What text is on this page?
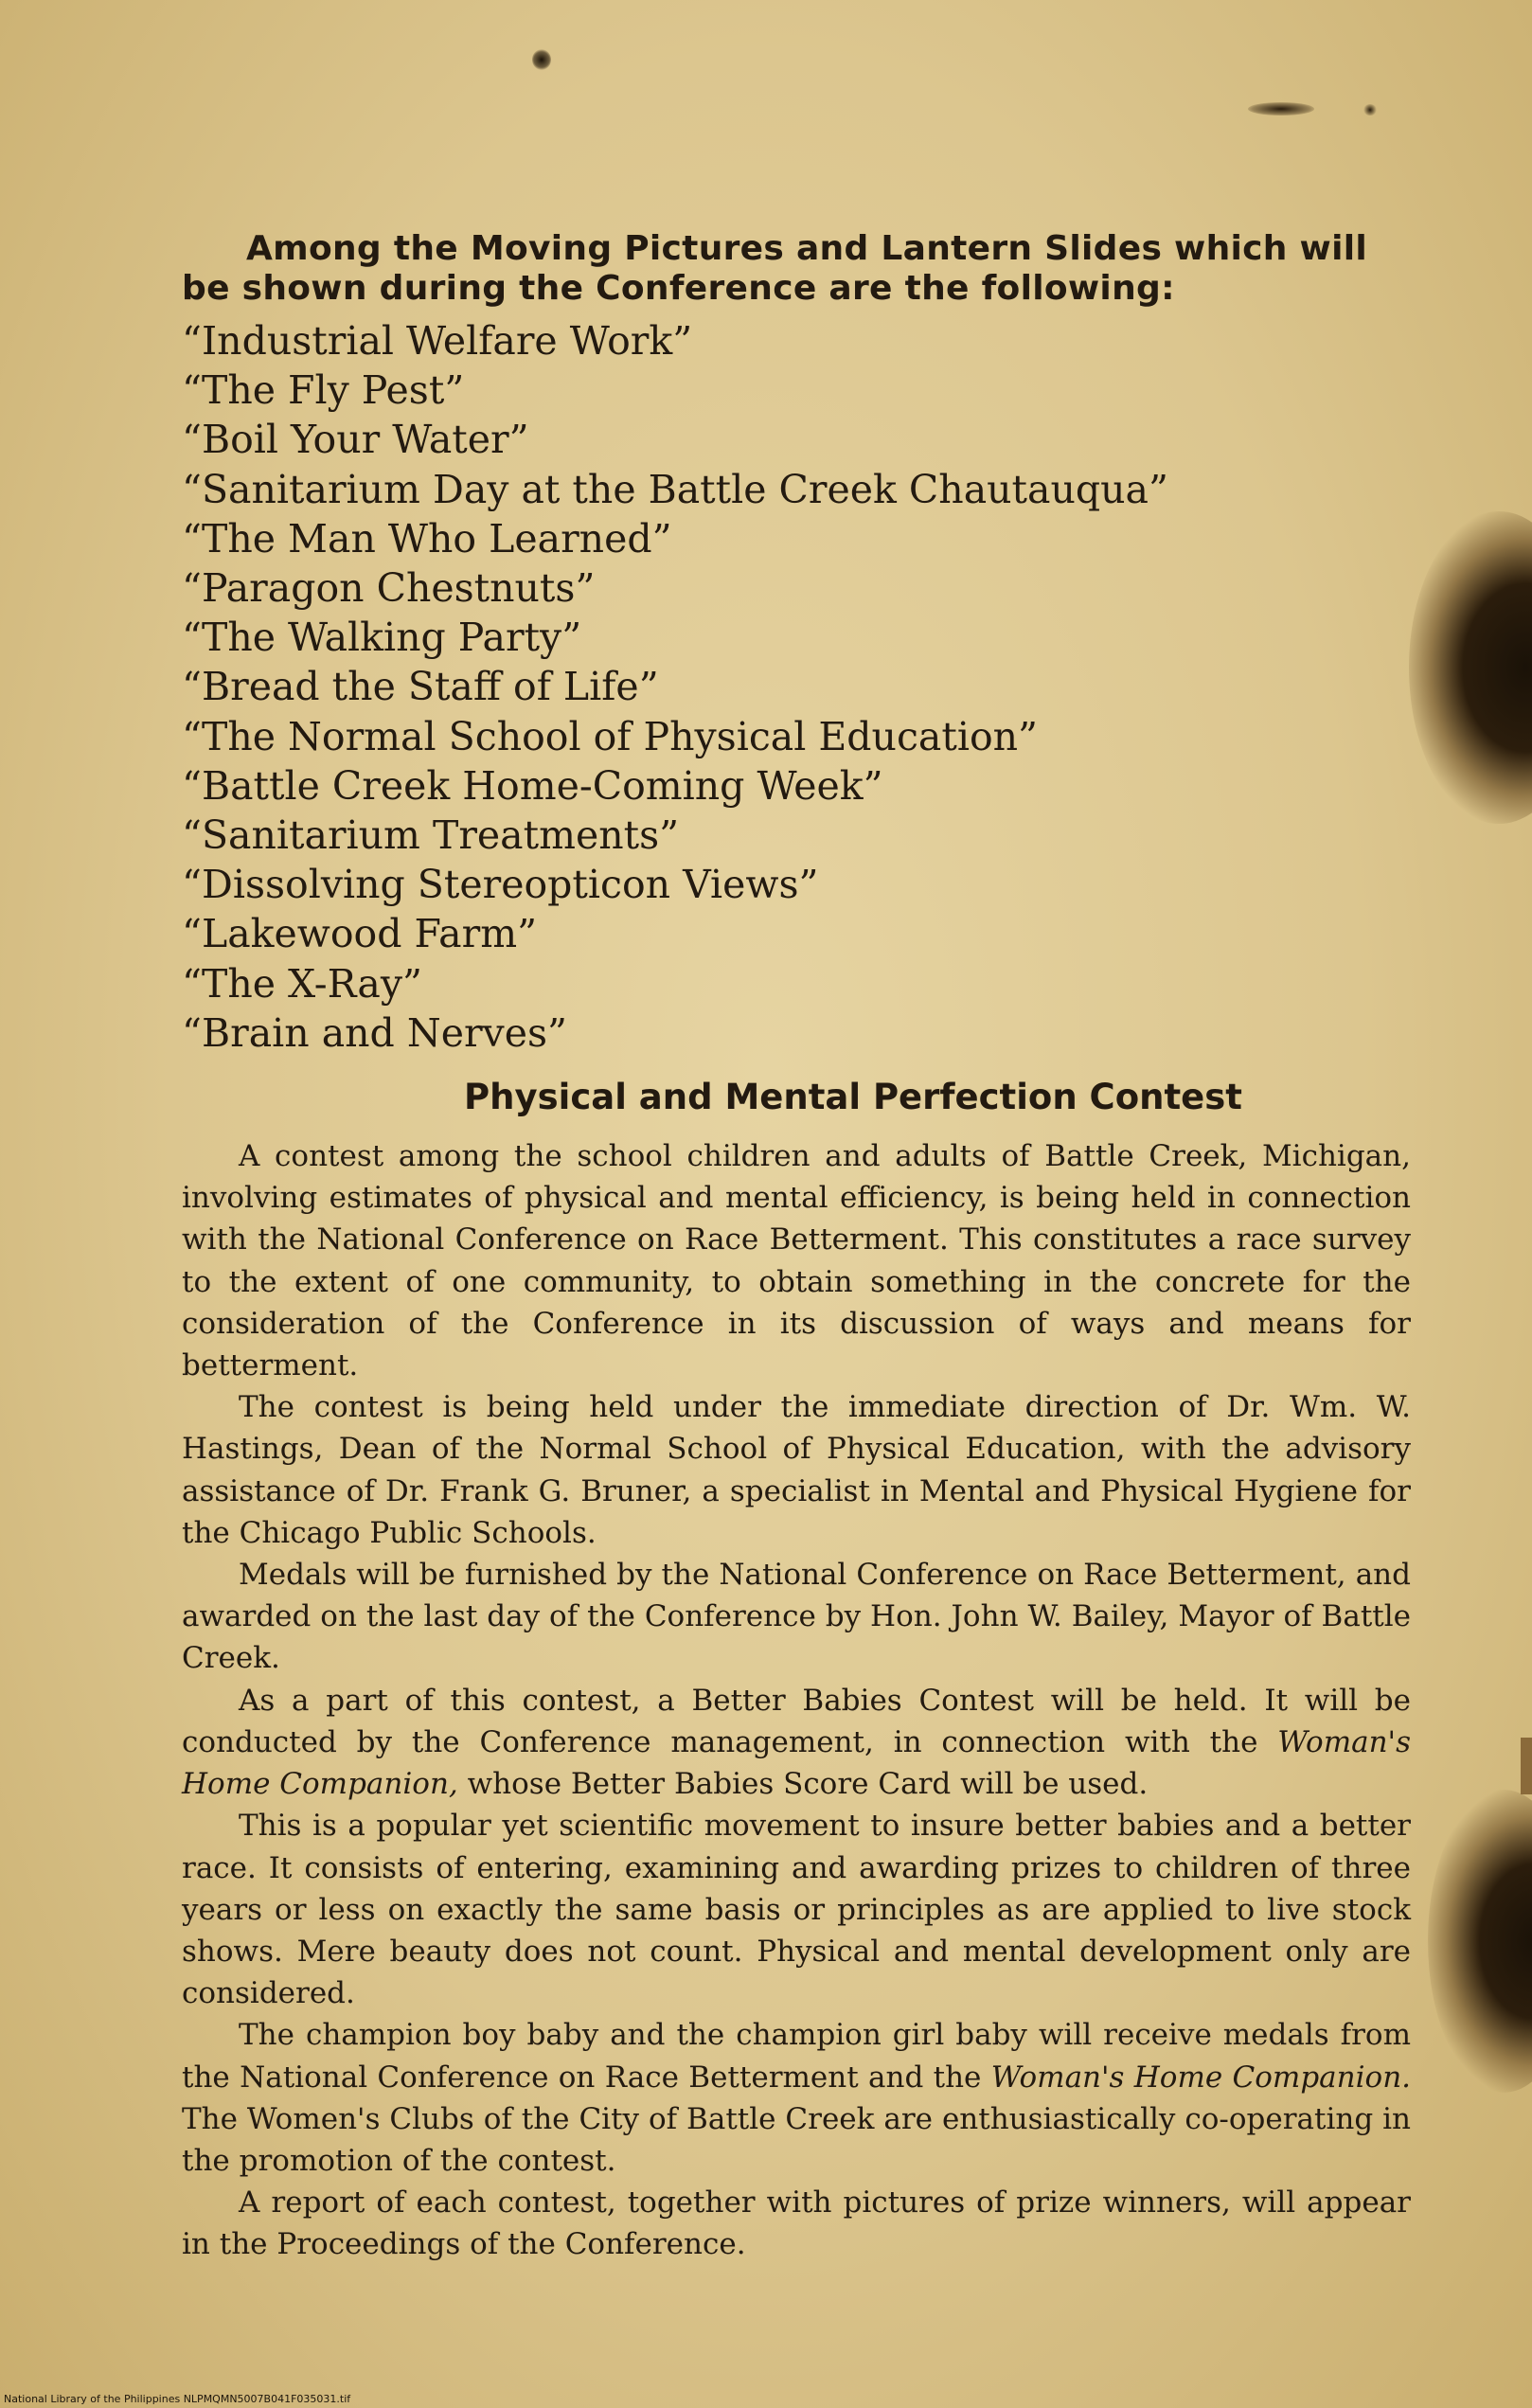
Among the Moving Pictures and Lantern Slides which will be shown during the Conference are the following:

“ Industrial Welfare Work ”
“ The Fly Pest ”
“ Boil Your Water ”
“ Sanitarium Day at the Battle Creek Chautauqua ”
“ The Man Who Learned ”
“ Paragon Chestnuts ”
“ The Walking Party ”
“ Bread the Staff of Life ”
“ The Normal School of Physical Education ”
“ Battle Creek Home-Coming Week ”
“ Sanitarium Treatments ”
“ Dissolving Stereopticon Views ”
“ Lakewood Farm ”
“ The X-Ray ”
“ Brain and Nerves ”
Physical and Mental Perfection Contest

A contest among the school children and adults of Battle Creek, Michigan, involving estimates of physical and mental efficiency, is being held in connection with the National Conference on Race Betterment. This constitutes a race survey to the extent of one community, to obtain something in the concrete for the consideration of the Conference in its discussion of ways and means for betterment.

The contest is being held under the immediate direction of Dr. Wm. W. Hastings, Dean of the Normal School of Physical Education, with the advisory assistance of Dr. Frank G. Bruner, a specialist in Mental and Physical Hygiene for the Chicago Public Schools.

Medals will be furnished by the National Conference on Race Betterment, and awarded on the last day of the Conference by Hon. John W. Bailey, Mayor of Battle Creek.

As a part of this contest, a Better Babies Contest will be held. It will be conducted by the Conference management, in connection with the Woman's Home Companion, whose Better Babies Score Card will be used.

This is a popular yet scientific movement to insure better babies and a better race. It consists of entering, examining and awarding prizes to children of three years or less on exactly the same basis or principles as are applied to live stock shows. Mere beauty does not count. Physical and mental development only are considered.

The champion boy baby and the champion girl baby will receive medals from the National Conference on Race Betterment and the Woman's Home Companion. The Women's Clubs of the City of Battle Creek are enthusiastically co-operating in the promotion of the contest.

A report of each contest, together with pictures of prize winners, will appear in the Proceedings of the Conference.

National Library of the Philippines NLPMQMN5007B041F035031.tif
